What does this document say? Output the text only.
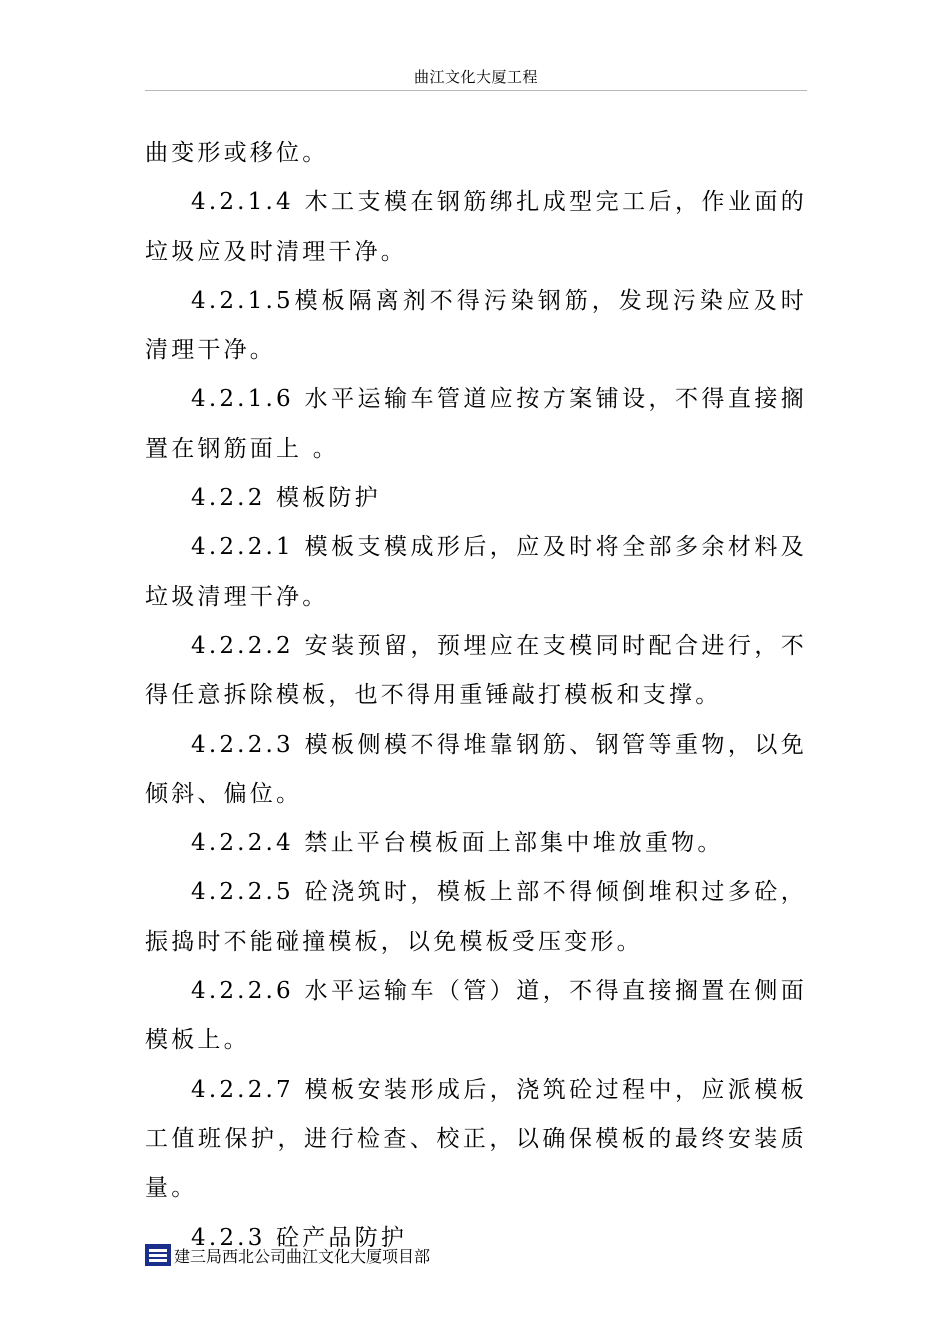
曲江文化大厦工程

曲变形或移位。

4.2.1.4 木工支模在钢筋绑扎成型完工后，作业面的垃圾应及时清理干净。

4.2.1.5模板隔离剂不得污染钢筋，发现污染应及时清理干净。

4.2.1.6 水平运输车管道应按方案铺设，不得直接搁置在钢筋面上 。

4.2.2 模板防护

4.2.2.1 模板支模成形后，应及时将全部多余材料及垃圾清理干净。

4.2.2.2 安装预留，预埋应在支模同时配合进行，不得任意拆除模板，也不得用重锤敲打模板和支撑。

4.2.2.3 模板侧模不得堆靠钢筋、钢管等重物，以免倾斜、偏位。

4.2.2.4 禁止平台模板面上部集中堆放重物。

4.2.2.5 砼浇筑时，模板上部不得倾倒堆积过多砼，振捣时不能碰撞模板，以免模板受压变形。

4.2.2.6 水平运输车（管）道，不得直接搁置在侧面模板上。

4.2.2.7 模板安装形成后，浇筑砼过程中，应派模板工值班保护，进行检查、校正，以确保模板的最终安装质量。

4.2.3 砼产品防护

建三局西北公司曲江文化大厦项目部
